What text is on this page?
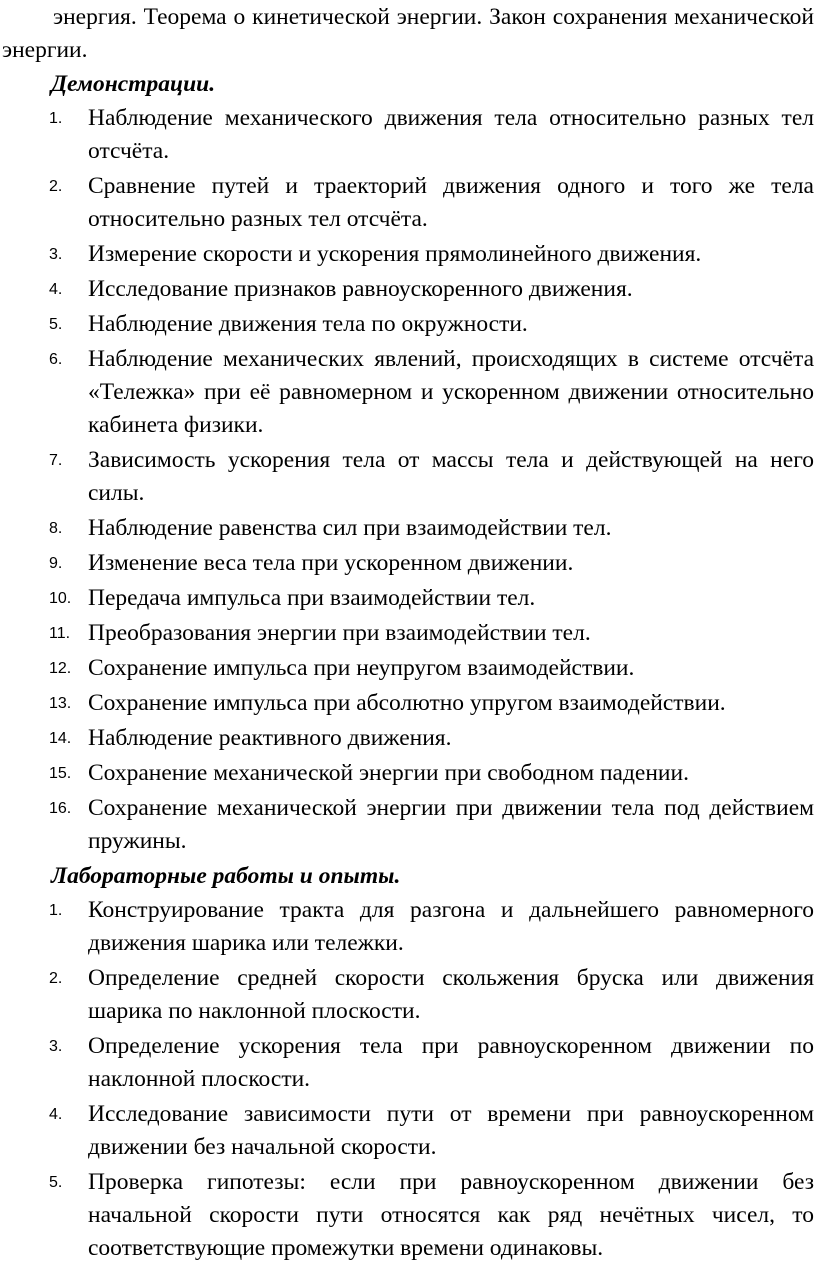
энергия. Теорема о кинетической энергии. Закон сохранения механической энергии.

Демонстрации.
1. Наблюдение механического движения тела относительно разных тел отсчёта.
2. Сравнение путей и траекторий движения одного и того же тела относительно разных тел отсчёта.
3. Измерение скорости и ускорения прямолинейного движения.
4. Исследование признаков равноускоренного движения.
5. Наблюдение движения тела по окружности.
6. Наблюдение механических явлений, происходящих в системе отсчёта «Тележка» при её равномерном и ускоренном движении относительно кабинета физики.
7. Зависимость ускорения тела от массы тела и действующей на него силы.
8. Наблюдение равенства сил при взаимодействии тел.
9. Изменение веса тела при ускоренном движении.
10. Передача импульса при взаимодействии тел.
11. Преобразования энергии при взаимодействии тел.
12. Сохранение импульса при неупругом взаимодействии.
13. Сохранение импульса при абсолютно упругом взаимодействии.
14. Наблюдение реактивного движения.
15. Сохранение механической энергии при свободном падении.
16. Сохранение механической энергии при движении тела под действием пружины.
Лабораторные работы и опыты.
1. Конструирование тракта для разгона и дальнейшего равномерного движения шарика или тележки.
2. Определение средней скорости скольжения бруска или движения шарика по наклонной плоскости.
3. Определение ускорения тела при равноускоренном движении по наклонной плоскости.
4. Исследование зависимости пути от времени при равноускоренном движении без начальной скорости.
5. Проверка гипотезы: если при равноускоренном движении без начальной скорости пути относятся как ряд нечётных чисел, то соответствующие промежутки времени одинаковы.
